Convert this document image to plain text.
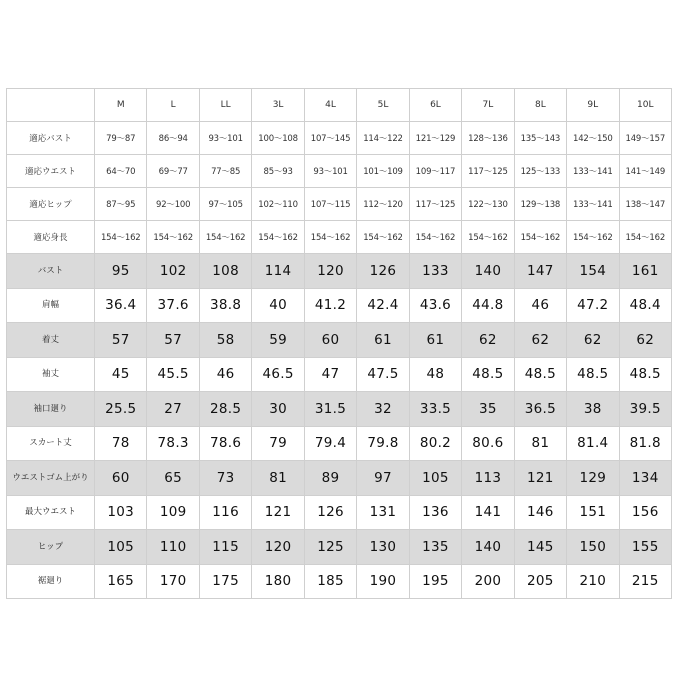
	M	L	LL	3L	4L	5L	6L	7L	8L	9L	10L
適応バスト	79～87	86～94	93～101	100～108	107～145	114～122	121～129	128～136	135～143	142～150	149～157
適応ウエスト	64～70	69～77	77～85	85～93	93～101	101～109	109～117	117～125	125～133	133～141	141～149
適応ヒップ	87～95	92～100	97～105	102～110	107～115	112～120	117～125	122～130	129～138	133～141	138～147
適応身長	154～162	154～162	154～162	154～162	154～162	154～162	154～162	154～162	154～162	154～162	154～162
バスト	95	102	108	114	120	126	133	140	147	154	161
肩幅	36.4	37.6	38.8	40	41.2	42.4	43.6	44.8	46	47.2	48.4
着丈	57	57	58	59	60	61	61	62	62	62	62
袖丈	45	45.5	46	46.5	47	47.5	48	48.5	48.5	48.5	48.5
袖口廻り	25.5	27	28.5	30	31.5	32	33.5	35	36.5	38	39.5
スカート丈	78	78.3	78.6	79	79.4	79.8	80.2	80.6	81	81.4	81.8
ウエストゴム上がり	60	65	73	81	89	97	105	113	121	129	134
最大ウエスト	103	109	116	121	126	131	136	141	146	151	156
ヒップ	105	110	115	120	125	130	135	140	145	150	155
裾廻り	165	170	175	180	185	190	195	200	205	210	215
